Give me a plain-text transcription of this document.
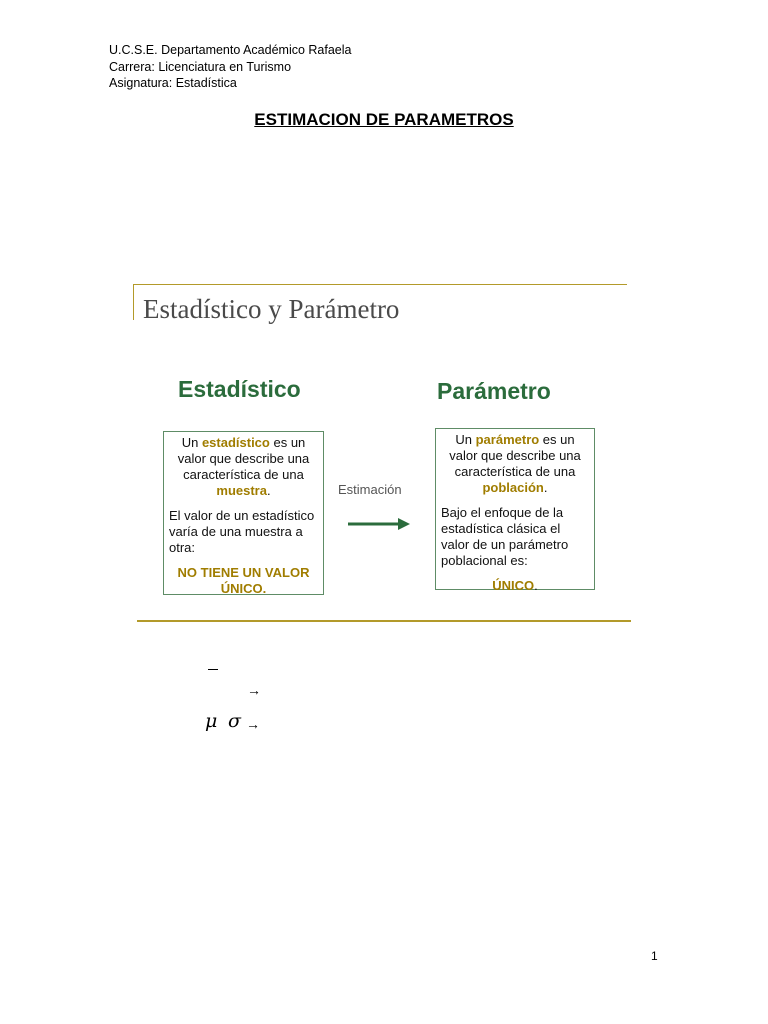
U.C.S.E. Departamento Académico Rafaela
Carrera: Licenciatura en Turismo
Asignatura: Estadística
ESTIMACION DE PARAMETROS
Estadístico y Parámetro
Estadístico	Parámetro
Un estadístico es un valor que describe una característica de una muestra.
El valor de un estadístico varía de una muestra a otra:
NO TIENE UN VALOR ÚNICO.
Estimación
Un parámetro es un valor que describe una característica de una población.
Bajo el enfoque de la estadística clásica el valor de un parámetro poblacional es:
ÚNICO.
→
μ σ →
1
